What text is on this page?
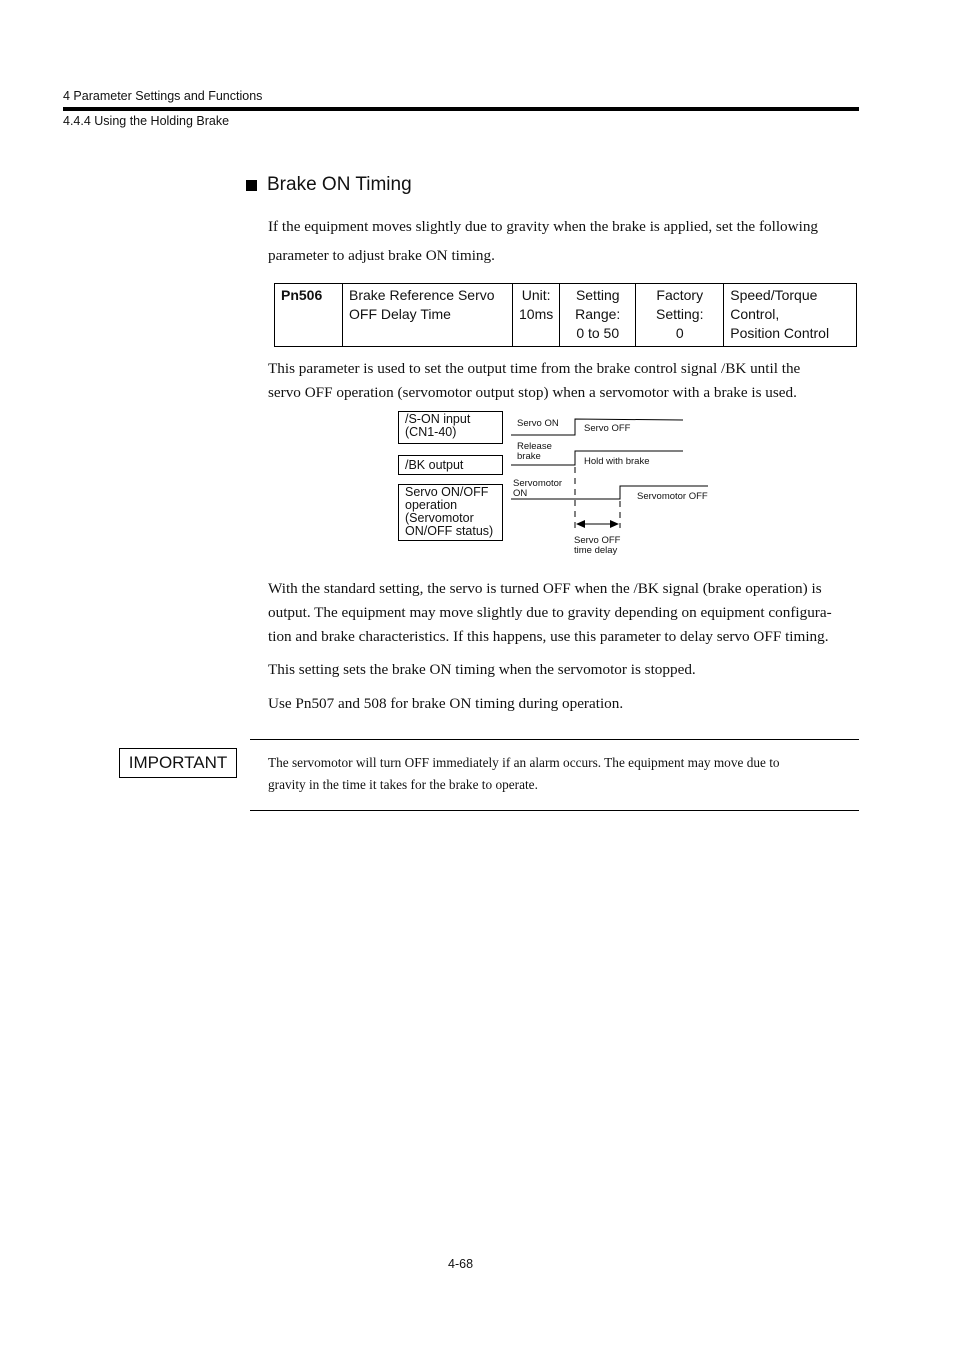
4 Parameter Settings and Functions
4.4.4 Using the Holding Brake
Brake ON Timing
If the equipment moves slightly due to gravity when the brake is applied, set the following
parameter to adjust brake ON timing.
Pn506	Brake Reference Servo
OFF Delay Time

Unit:
10ms

Setting
Range:
0 to 50

Factory
Setting:
0

Speed/Torque
Control,
Position Control
This parameter is used to set the output time from the brake control signal /BK until the
servo OFF operation (servomotor output stop) when a servomotor with a brake is used.
/S-ON input
(CN1-40)
/BK output
Servo ON/OFF
operation
(Servomotor
ON/OFF status)
Servo ON	Servo OFF
Release
brake	Hold with brake
Servomotor
ON	Servomotor OFF
Servo OFF
time delay
With the standard setting, the servo is turned OFF when the /BK signal (brake operation) is
output. The equipment may move slightly due to gravity depending on equipment configura-
tion and brake characteristics. If this happens, use this parameter to delay servo OFF timing.
This setting sets the brake ON timing when the servomotor is stopped.
Use Pn507 and 508 for brake ON timing during operation.
IMPORTANT	The servomotor will turn OFF immediately if an alarm occurs. The equipment may move due to
gravity in the time it takes for the brake to operate.
4-68
